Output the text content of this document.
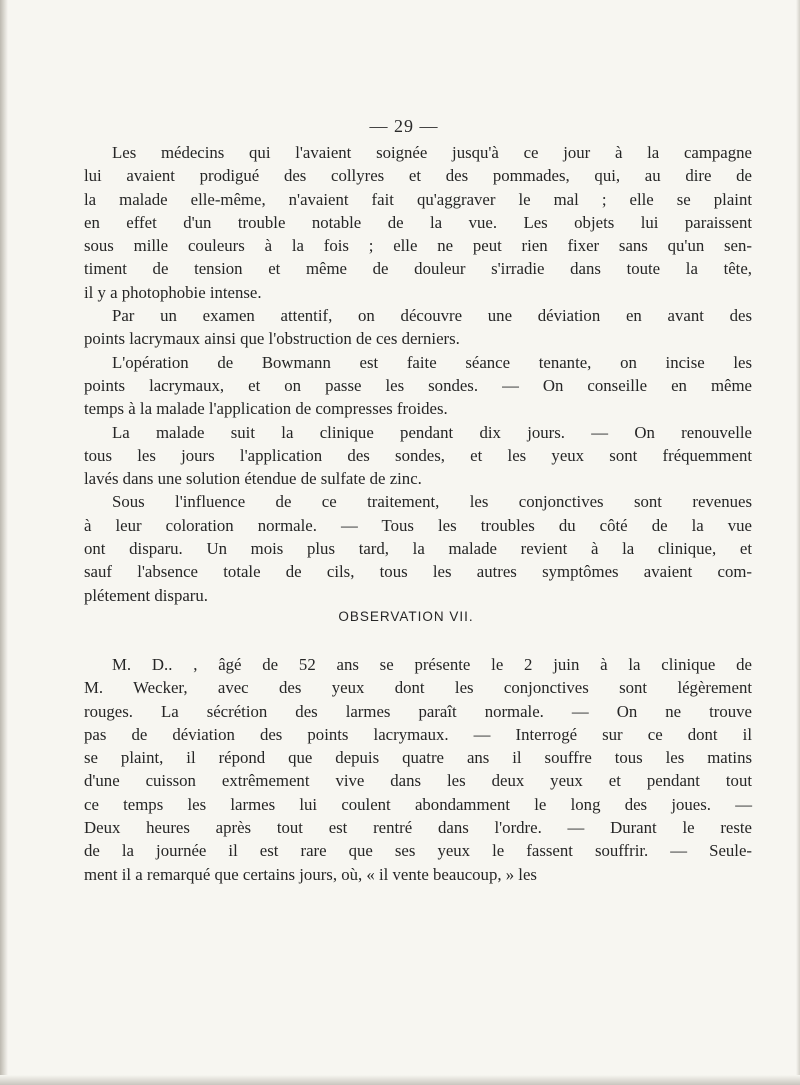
— 29 —
Les médecins qui l'avaient soignée jusqu'à ce jour à la campagne
lui avaient prodigué des collyres et des pommades, qui, au dire de
la malade elle-même, n'avaient fait qu'aggraver le mal ; elle se plaint
en effet d'un trouble notable de la vue. Les objets lui paraissent
sous mille couleurs à la fois ; elle ne peut rien fixer sans qu'un sen-
timent de tension et même de douleur s'irradie dans toute la tête,
il y a photophobie intense.
Par un examen attentif, on découvre une déviation en avant des
points lacrymaux ainsi que l'obstruction de ces derniers.
L'opération de Bowmann est faite séance tenante, on incise les
points lacrymaux, et on passe les sondes. — On conseille en même
temps à la malade l'application de compresses froides.
La malade suit la clinique pendant dix jours. — On renouvelle
tous les jours l'application des sondes, et les yeux sont fréquemment
lavés dans une solution étendue de sulfate de zinc.
Sous l'influence de ce traitement, les conjonctives sont revenues
à leur coloration normale. — Tous les troubles du côté de la vue
ont disparu. Un mois plus tard, la malade revient à la clinique, et
sauf l'absence totale de cils, tous les autres symptômes avaient com-
plétement disparu.
OBSERVATION VII.
M. D.. , âgé de 52 ans se présente le 2 juin à la clinique de
M. Wecker, avec des yeux dont les conjonctives sont légèrement
rouges. La sécrétion des larmes paraît normale. — On ne trouve
pas de déviation des points lacrymaux. — Interrogé sur ce dont il
se plaint, il répond que depuis quatre ans il souffre tous les matins
d'une cuisson extrêmement vive dans les deux yeux et pendant tout
ce temps les larmes lui coulent abondamment le long des joues. —
Deux heures après tout est rentré dans l'ordre. — Durant le reste
de la journée il est rare que ses yeux le fassent souffrir. — Seule-
ment il a remarqué que certains jours, où, « il vente beaucoup, » les
